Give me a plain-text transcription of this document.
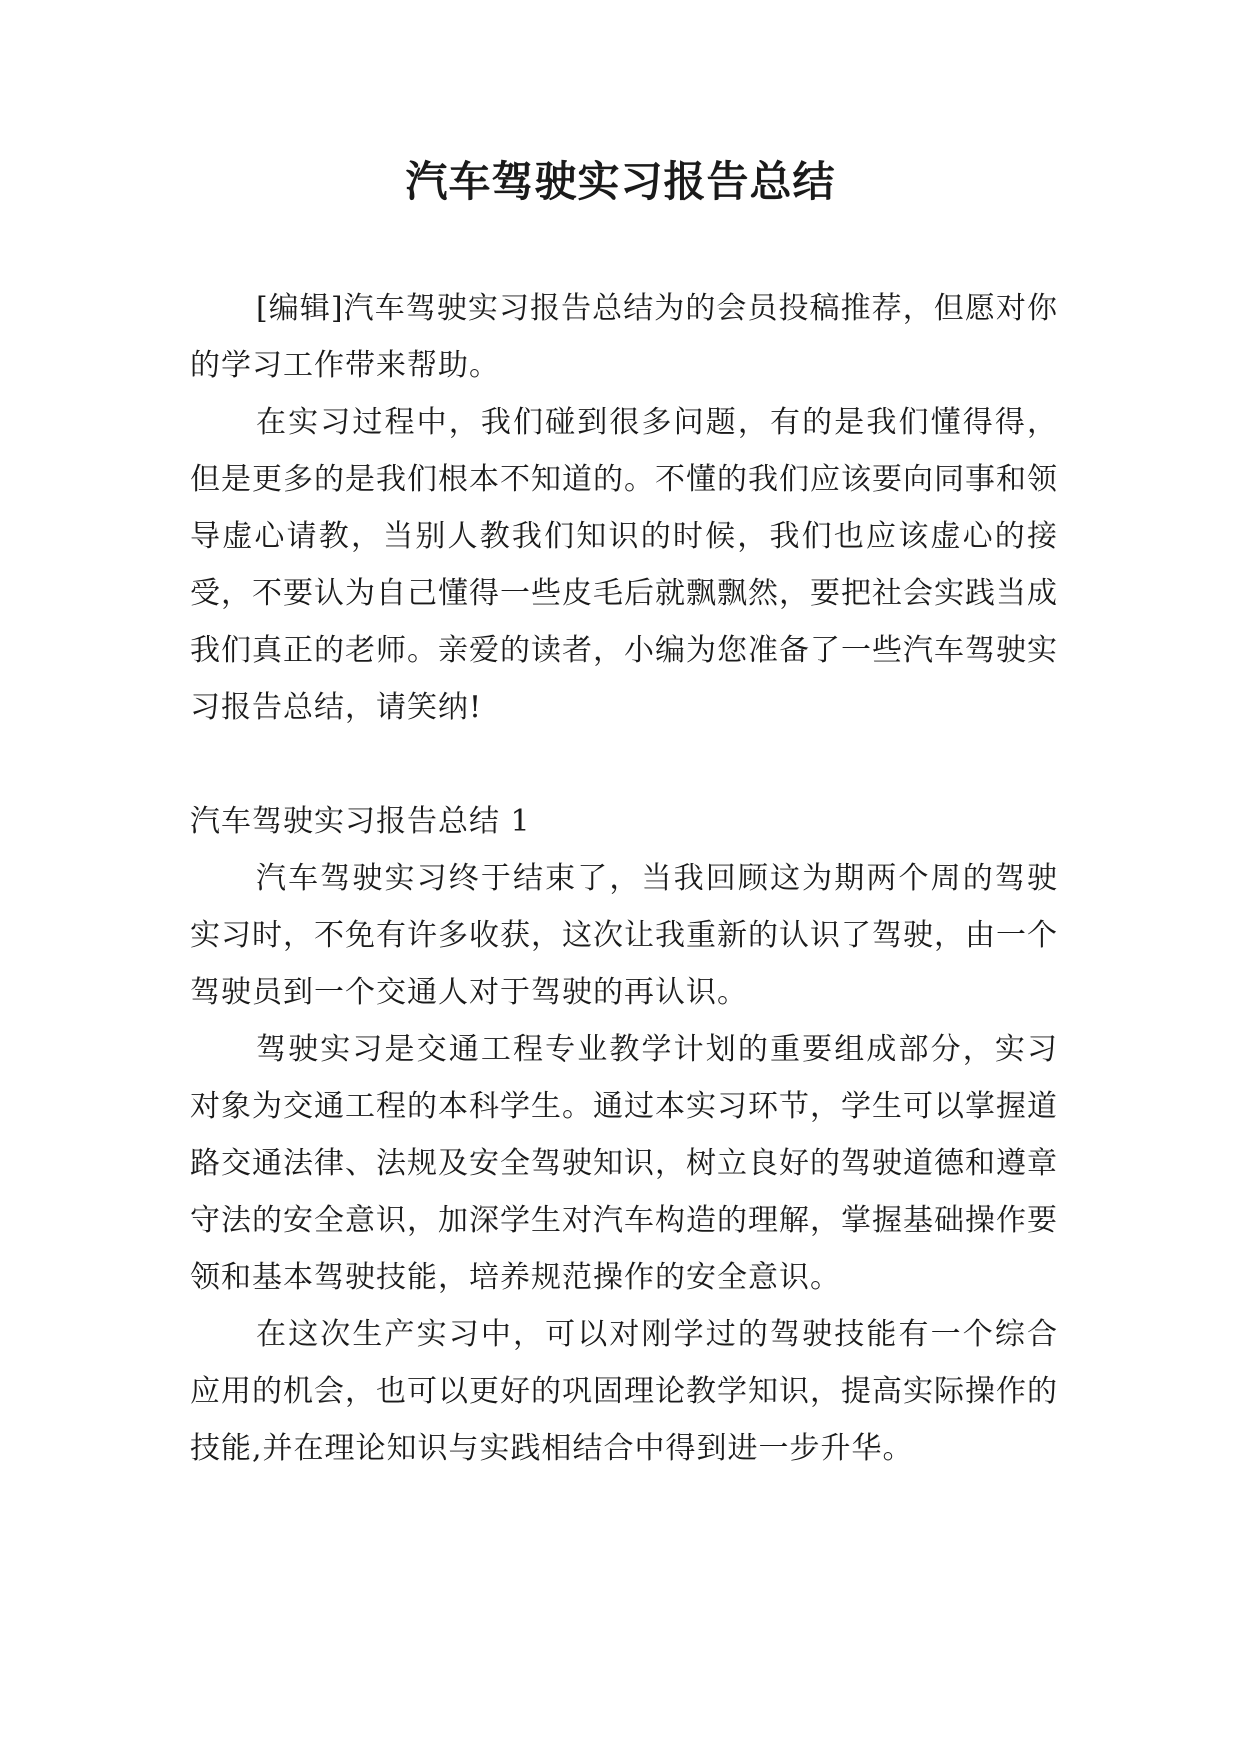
汽车驾驶实习报告总结

[编辑]汽车驾驶实习报告总结为的会员投稿推荐，但愿对你的学习工作带来帮助。

在实习过程中，我们碰到很多问题，有的是我们懂得得，但是更多的是我们根本不知道的。不懂的我们应该要向同事和领导虚心请教，当别人教我们知识的时候，我们也应该虚心的接受，不要认为自己懂得一些皮毛后就飘飘然，要把社会实践当成我们真正的老师。亲爱的读者，小编为您准备了一些汽车驾驶实习报告总结，请笑纳!

汽车驾驶实习报告总结 1

汽车驾驶实习终于结束了，当我回顾这为期两个周的驾驶实习时，不免有许多收获，这次让我重新的认识了驾驶，由一个驾驶员到一个交通人对于驾驶的再认识。

驾驶实习是交通工程专业教学计划的重要组成部分，实习对象为交通工程的本科学生。通过本实习环节，学生可以掌握道路交通法律、法规及安全驾驶知识，树立良好的驾驶道德和遵章守法的安全意识，加深学生对汽车构造的理解，掌握基础操作要领和基本驾驶技能，培养规范操作的安全意识。

在这次生产实习中，可以对刚学过的驾驶技能有一个综合应用的机会，也可以更好的巩固理论教学知识，提高实际操作的技能,并在理论知识与实践相结合中得到进一步升华。
